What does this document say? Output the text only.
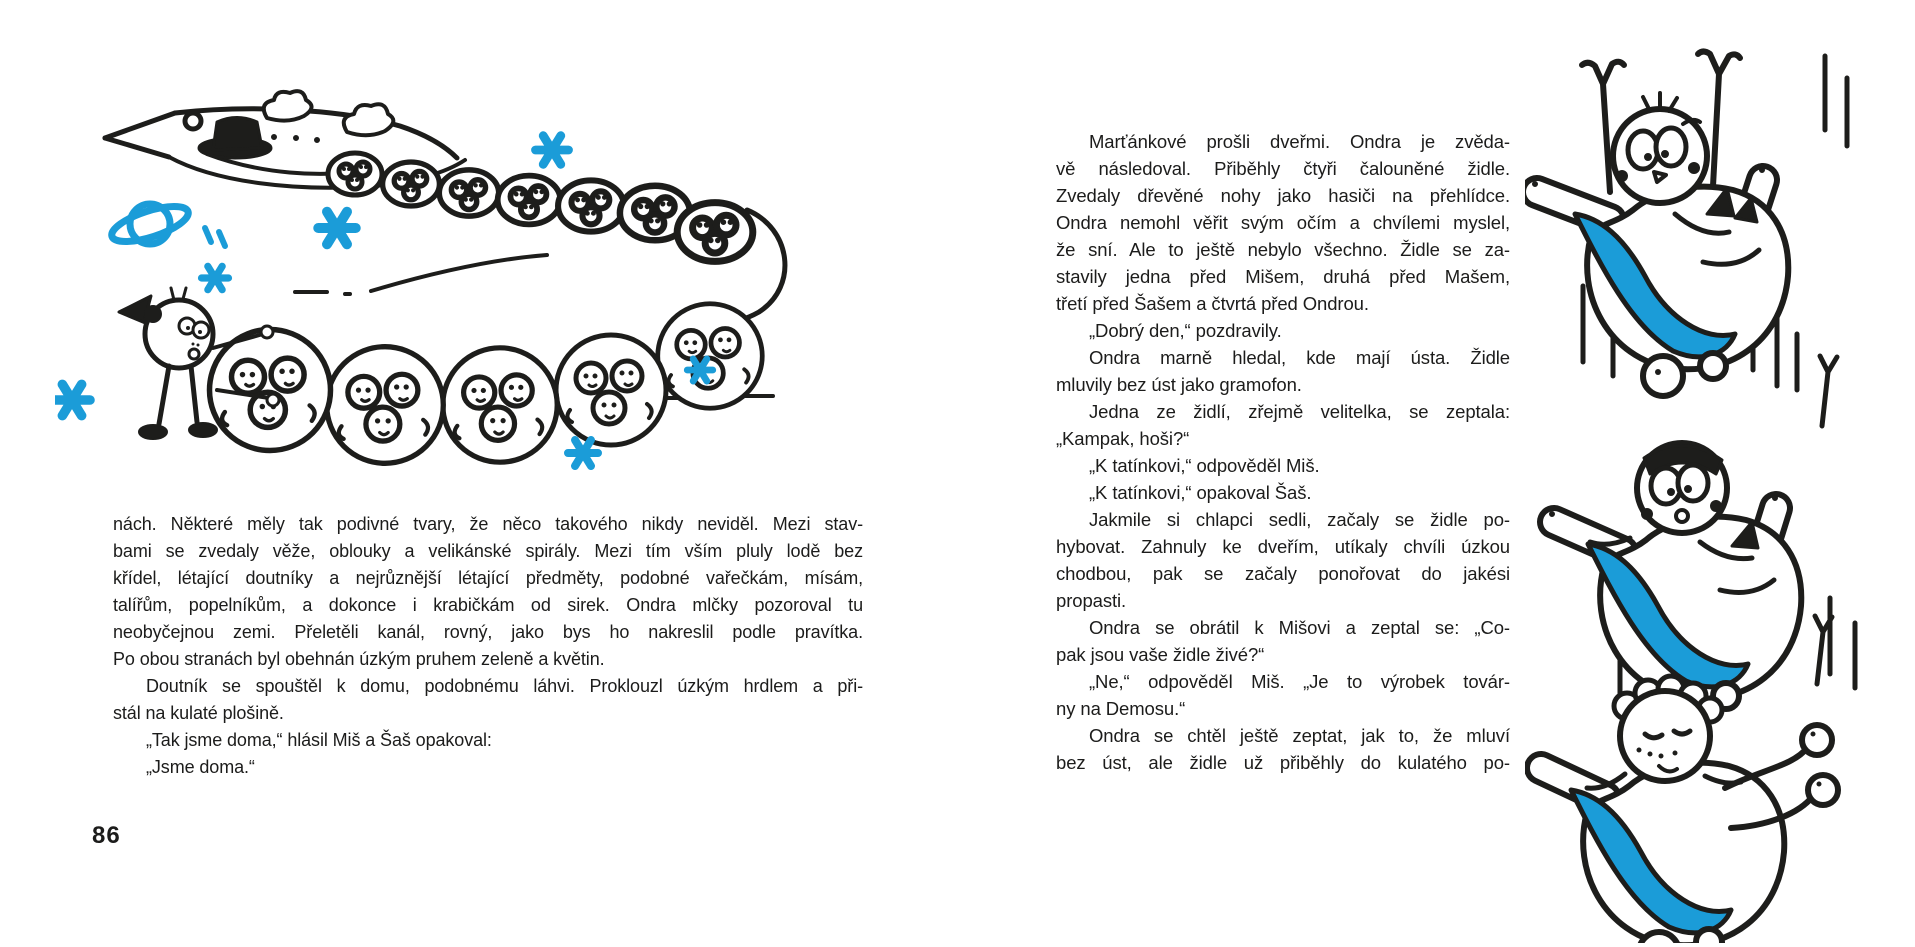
nách. Některé měly tak podivné tvary, že něco takového nikdy neviděl. Mezi stav-
bami se zvedaly věže, oblouky a velikánské spirály. Mezi tím vším pluly lodě bez
křídel, létající doutníky a nejrůznější létající předměty, podobné vařečkám, mísám,
talířům, popelníkům, a dokonce i krabičkám od sirek. Ondra mlčky pozoroval tu
neobyčejnou zemi. Přeletěli kanál, rovný, jako bys ho nakreslil podle pravítka.
Po obou stranách byl obehnán úzkým pruhem zeleně a květin.
Doutník se spouštěl k domu, podobnému láhvi. Proklouzl úzkým hrdlem a při-
stál na kulaté plošině.
„Tak jsme doma,“ hlásil Miš a Šaš opakoval:
„Jsme doma.“
86
Marťánkové prošli dveřmi. Ondra je zvěda-
vě následoval. Přiběhly čtyři čalouněné židle.
Zvedaly dřevěné nohy jako hasiči na přehlídce.
Ondra nemohl věřit svým očím a chvílemi myslel,
že sní. Ale to ještě nebylo všechno. Židle se za-
stavily jedna před Mišem, druhá před Mašem,
třetí před Šašem a čtvrtá před Ondrou.
„Dobrý den,“ pozdravily.
Ondra marně hledal, kde mají ústa. Židle
mluvily bez úst jako gramofon.
Jedna ze židlí, zřejmě velitelka, se zeptala:
„Kampak, hoši?“
„K tatínkovi,“ odpověděl Miš.
„K tatínkovi,“ opakoval Šaš.
Jakmile si chlapci sedli, začaly se židle po-
hybovat. Zahnuly ke dveřím, utíkaly chvíli úzkou
chodbou, pak se začaly ponořovat do jakési
propasti.
Ondra se obrátil k Mišovi a zeptal se: „Co-
pak jsou vaše židle živé?“
„Ne,“ odpověděl Miš. „Je to výrobek továr-
ny na Demosu.“
Ondra se chtěl ještě zeptat, jak to, že mluví
bez úst, ale židle už přiběhly do kulatého po-
